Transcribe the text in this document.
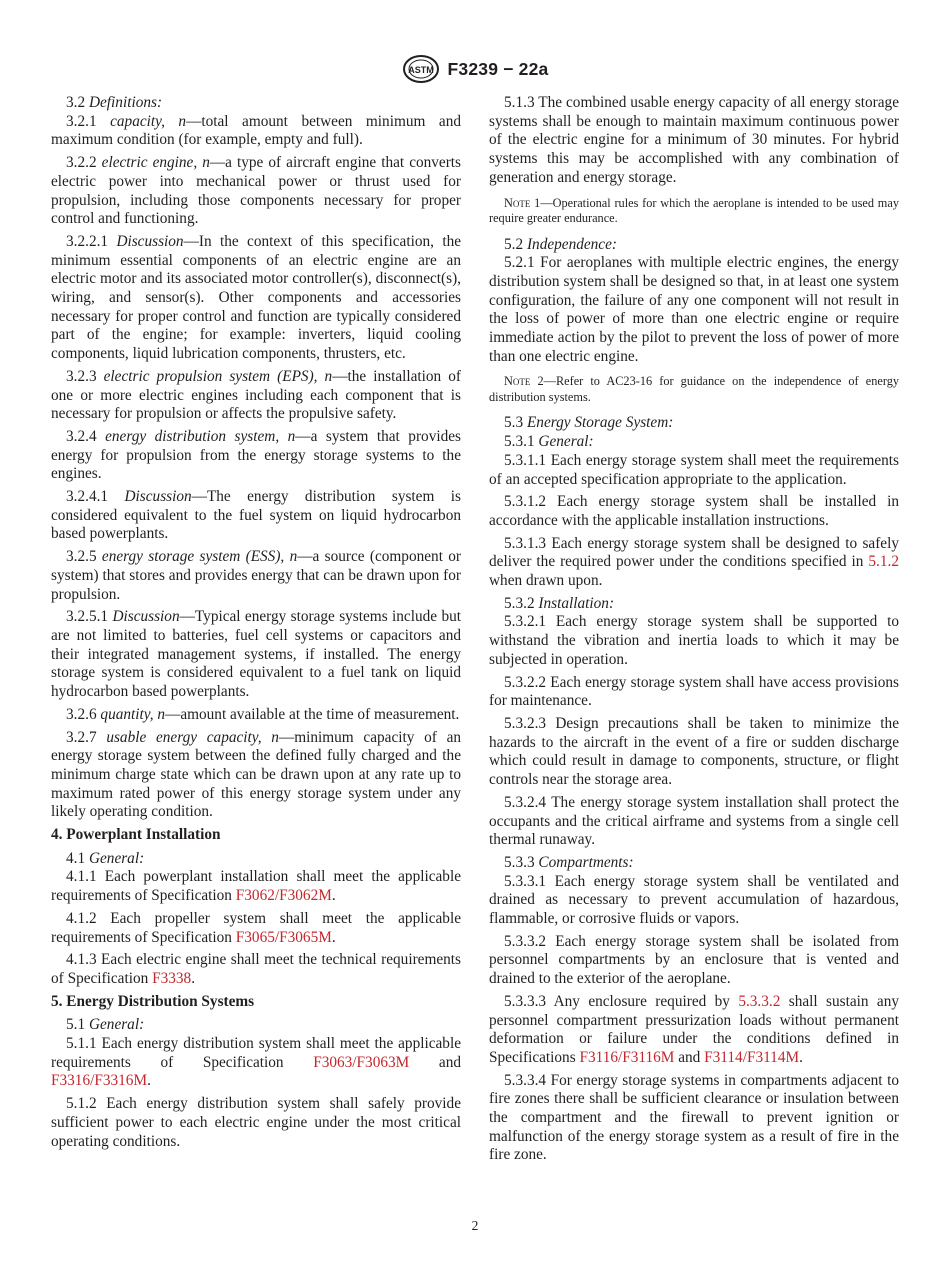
ASTM F3239 − 22a

3.2 Definitions:

3.2.1 capacity, n—total amount between minimum and maximum condition (for example, empty and full).

3.2.2 electric engine, n—a type of aircraft engine that converts electric power into mechanical power or thrust used for propulsion, including those components necessary for proper control and functioning.

3.2.2.1 Discussion—In the context of this specification, the minimum essential components of an electric engine are an electric motor and its associated motor controller(s), disconnect(s), wiring, and sensor(s). Other components and accessories necessary for proper control and function are typically considered part of the engine; for example: inverters, liquid cooling components, liquid lubrication components, thrusters, etc.

3.2.3 electric propulsion system (EPS), n—the installation of one or more electric engines including each component that is necessary for propulsion or affects the propulsive safety.

3.2.4 energy distribution system, n—a system that provides energy for propulsion from the energy storage systems to the engines.

3.2.4.1 Discussion—The energy distribution system is considered equivalent to the fuel system on liquid hydrocarbon based powerplants.

3.2.5 energy storage system (ESS), n—a source (component or system) that stores and provides energy that can be drawn upon for propulsion.

3.2.5.1 Discussion—Typical energy storage systems include but are not limited to batteries, fuel cell systems or capacitors and their integrated management systems, if installed. The energy storage system is considered equivalent to a fuel tank on liquid hydrocarbon based powerplants.

3.2.6 quantity, n—amount available at the time of measurement.

3.2.7 usable energy capacity, n—minimum capacity of an energy storage system between the defined fully charged and the minimum charge state which can be drawn upon at any rate up to maximum rated power of this energy storage system under any likely operating condition.

4. Powerplant Installation

4.1 General:

4.1.1 Each powerplant installation shall meet the applicable requirements of Specification F3062/F3062M.

4.1.2 Each propeller system shall meet the applicable requirements of Specification F3065/F3065M.

4.1.3 Each electric engine shall meet the technical requirements of Specification F3338.

5. Energy Distribution Systems

5.1 General:

5.1.1 Each energy distribution system shall meet the applicable requirements of Specification F3063/F3063M and F3316/F3316M.

5.1.2 Each energy distribution system shall safely provide sufficient power to each electric engine under the most critical operating conditions.

5.1.3 The combined usable energy capacity of all energy storage systems shall be enough to maintain maximum continuous power of the electric engine for a minimum of 30 minutes. For hybrid systems this may be accomplished with any combination of generation and energy storage.

Note 1—Operational rules for which the aeroplane is intended to be used may require greater endurance.

5.2 Independence:

5.2.1 For aeroplanes with multiple electric engines, the energy distribution system shall be designed so that, in at least one system configuration, the failure of any one component will not result in the loss of power of more than one electric engine or require immediate action by the pilot to prevent the loss of power of more than one electric engine.

Note 2—Refer to AC23-16 for guidance on the independence of energy distribution systems.

5.3 Energy Storage System:

5.3.1 General:

5.3.1.1 Each energy storage system shall meet the requirements of an accepted specification appropriate to the application.

5.3.1.2 Each energy storage system shall be installed in accordance with the applicable installation instructions.

5.3.1.3 Each energy storage system shall be designed to safely deliver the required power under the conditions specified in 5.1.2 when drawn upon.

5.3.2 Installation:

5.3.2.1 Each energy storage system shall be supported to withstand the vibration and inertia loads to which it may be subjected in operation.

5.3.2.2 Each energy storage system shall have access provisions for maintenance.

5.3.2.3 Design precautions shall be taken to minimize the hazards to the aircraft in the event of a fire or sudden discharge which could result in damage to components, structure, or flight controls near the storage area.

5.3.2.4 The energy storage system installation shall protect the occupants and the critical airframe and systems from a single cell thermal runaway.

5.3.3 Compartments:

5.3.3.1 Each energy storage system shall be ventilated and drained as necessary to prevent accumulation of hazardous, flammable, or corrosive fluids or vapors.

5.3.3.2 Each energy storage system shall be isolated from personnel compartments by an enclosure that is vented and drained to the exterior of the aeroplane.

5.3.3.3 Any enclosure required by 5.3.3.2 shall sustain any personnel compartment pressurization loads without permanent deformation or failure under the conditions defined in Specifications F3116/F3116M and F3114/F3114M.

5.3.3.4 For energy storage systems in compartments adjacent to fire zones there shall be sufficient clearance or insulation between the compartment and the firewall to prevent ignition or malfunction of the energy storage system as a result of fire in the fire zone.

2
